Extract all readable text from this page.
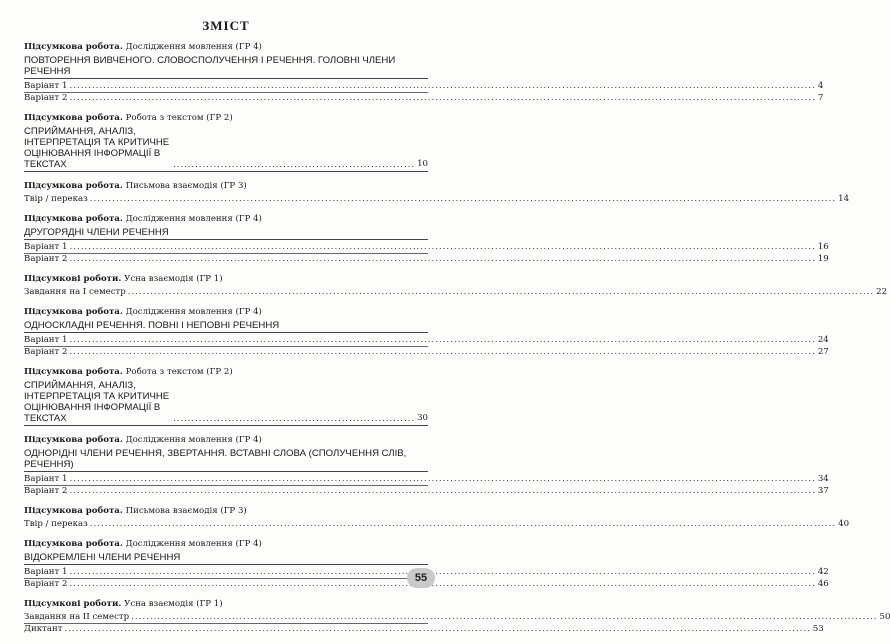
ЗМІСТ
Підсумкова робота. Дослідження мовлення (ГР 4)
ПОВТОРЕННЯ ВИВЧЕНОГО. СЛОВОСПОЛУЧЕННЯ І РЕЧЕННЯ. ГОЛОВНІ ЧЛЕНИ РЕЧЕННЯ
Варіант 1 .....	4
Варіант 2 .....	7
Підсумкова робота. Робота з текстом (ГР 2)
СПРИЙМАННЯ, АНАЛІЗ, ІНТЕРПРЕТАЦІЯ ТА КРИТИЧНЕ ОЦІНЮВАННЯ ІНФОРМАЦІЇ В ТЕКСТАХ	.................................................................. 10
Підсумкова робота. Письмова взаємодія (ГР 3)
Твір / переказ .....	14
Підсумкова робота. Дослідження мовлення (ГР 4)
ДРУГОРЯДНІ ЧЛЕНИ РЕЧЕННЯ
Варіант 1 .....	16
Варіант 2 .....	19
Підсумкові роботи. Усна взаємодія (ГР 1)
Завдання на І семестр .....	22
Підсумкова робота. Дослідження мовлення (ГР 4)
ОДНОСКЛАДНІ РЕЧЕННЯ. ПОВНІ І НЕПОВНІ РЕЧЕННЯ
Варіант 1 .....	24
Варіант 2 .....	27
Підсумкова робота. Робота з текстом (ГР 2)
СПРИЙМАННЯ, АНАЛІЗ, ІНТЕРПРЕТАЦІЯ ТА КРИТИЧНЕ ОЦІНЮВАННЯ ІНФОРМАЦІЇ В ТЕКСТАХ	.................................................................. 30
Підсумкова робота. Дослідження мовлення (ГР 4)
ОДНОРІДНІ ЧЛЕНИ РЕЧЕННЯ, ЗВЕРТАННЯ. ВСТАВНІ СЛОВА (СПОЛУЧЕННЯ СЛІВ, РЕЧЕННЯ)
Варіант 1 .....	34
Варіант 2 .....	37
Підсумкова робота. Письмова взаємодія (ГР 3)
Твір / переказ .....	40
Підсумкова робота. Дослідження мовлення (ГР 4)
ВІДОКРЕМЛЕНІ ЧЛЕНИ РЕЧЕННЯ
Варіант 1 .....	42
Варіант 2 .....	46
Підсумкові роботи. Усна взаємодія (ГР 1)
Завдання на ІІ семестр .....	50
Диктант .....	53
55
